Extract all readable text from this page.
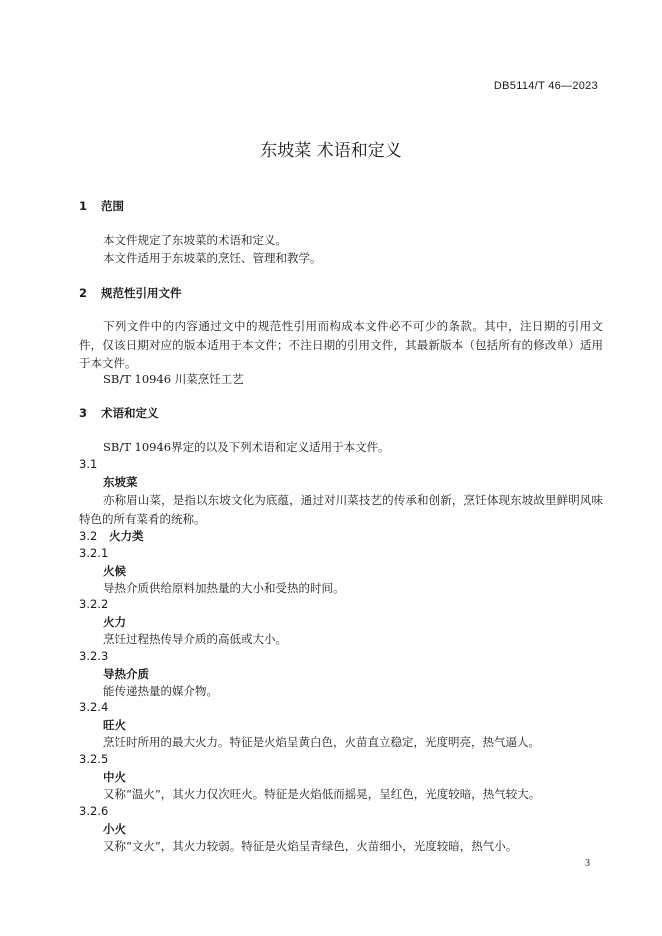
DB5114/T 46—2023
东坡菜 术语和定义
1 范围
本文件规定了东坡菜的术语和定义。
本文件适用于东坡菜的烹饪、管理和教学。
2 规范性引用文件
下列文件中的内容通过文中的规范性引用而构成本文件必不可少的条款。其中，注日期的引用文件，仅该日期对应的版本适用于本文件；不注日期的引用文件，其最新版本（包括所有的修改单）适用于本文件。
SB/T 10946 川菜烹饪工艺
3 术语和定义
SB/T 10946界定的以及下列术语和定义适用于本文件。
3.1
东坡菜
亦称眉山菜，是指以东坡文化为底蕴，通过对川菜技艺的传承和创新，烹饪体现东坡故里鲜明风味特色的所有菜肴的统称。
3.2 火力类
3.2.1
火候
导热介质供给原料加热量的大小和受热的时间。
3.2.2
火力
烹饪过程热传导介质的高低或大小。
3.2.3
导热介质
能传递热量的媒介物。
3.2.4
旺火
烹饪时所用的最大火力。特征是火焰呈黄白色，火苗直立稳定，光度明亮，热气逼人。
3.2.5
中火
又称“温火”，其火力仅次旺火。特征是火焰低而摇晃，呈红色，光度较暗，热气较大。
3.2.6
小火
又称“文火”，其火力较弱。特征是火焰呈青绿色，火苗细小，光度较暗，热气小。
3
